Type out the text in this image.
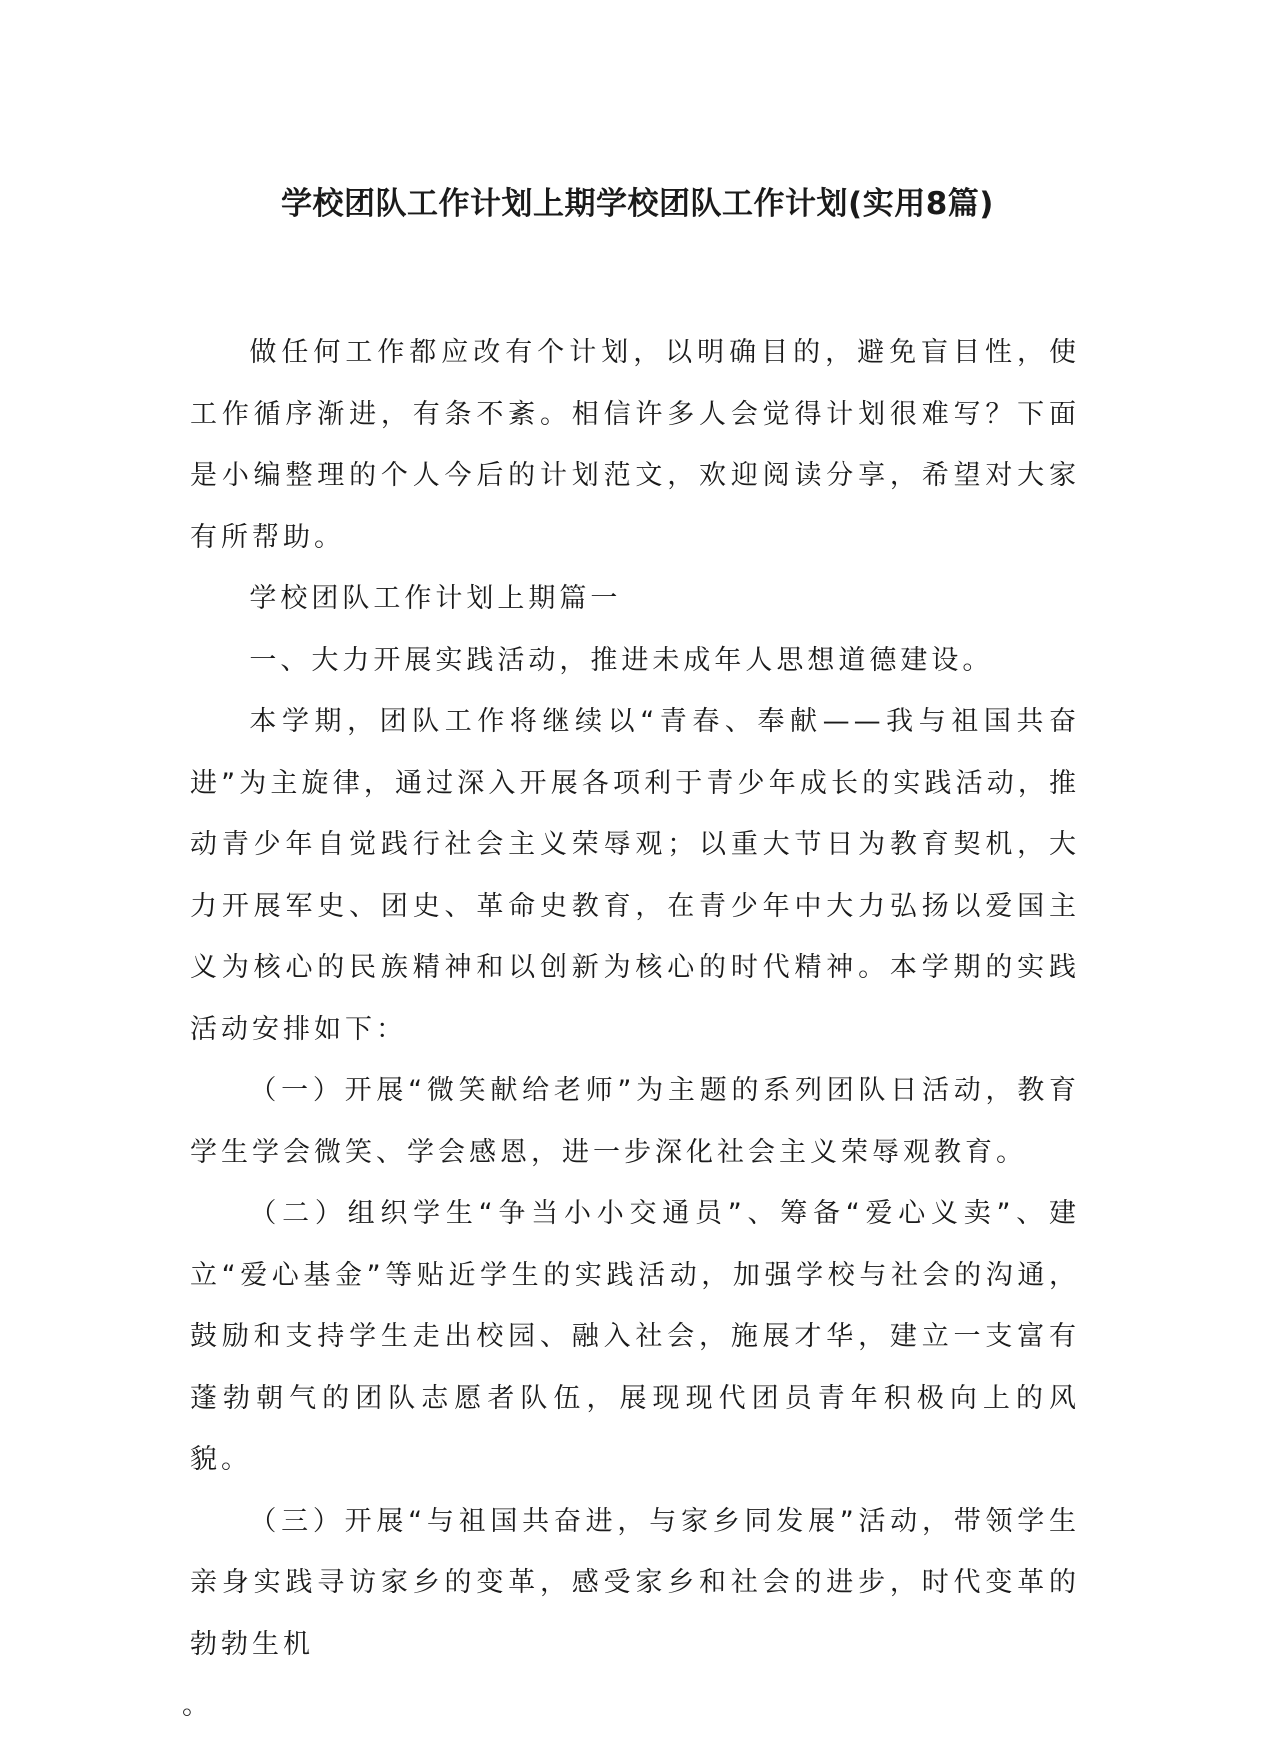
学校团队工作计划上期学校团队工作计划(实用8篇)

做任何工作都应改有个计划，以明确目的，避免盲目性，使工作循序渐进，有条不紊。相信许多人会觉得计划很难写？下面是小编整理的个人今后的计划范文，欢迎阅读分享，希望对大家有所帮助。

学校团队工作计划上期篇一

一、大力开展实践活动，推进未成年人思想道德建设。

本学期，团队工作将继续以“青春、奉献——我与祖国共奋进”为主旋律，通过深入开展各项利于青少年成长的实践活动，推动青少年自觉践行社会主义荣辱观；以重大节日为教育契机，大力开展军史、团史、革命史教育，在青少年中大力弘扬以爱国主义为核心的民族精神和以创新为核心的时代精神。本学期的实践活动安排如下：

（一）开展“微笑献给老师”为主题的系列团队日活动，教育学生学会微笑、学会感恩，进一步深化社会主义荣辱观教育。

（二）组织学生“争当小小交通员”、筹备“爱心义卖”、建立“爱心基金”等贴近学生的实践活动，加强学校与社会的沟通，鼓励和支持学生走出校园、融入社会，施展才华，建立一支富有蓬勃朝气的团队志愿者队伍，展现现代团员青年积极向上的风貌。

（三）开展“与祖国共奋进，与家乡同发展”活动，带领学生亲身实践寻访家乡的变革，感受家乡和社会的进步，时代变革的勃勃生机

。
